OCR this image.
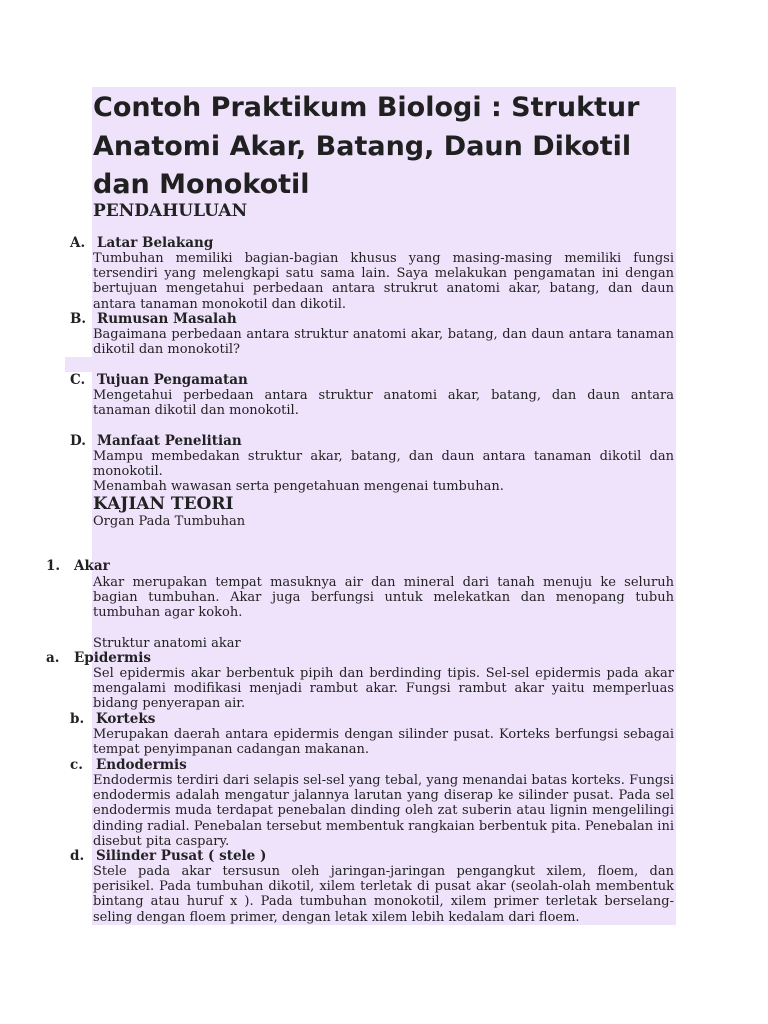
Contoh Praktikum Biologi : Struktur Anatomi Akar, Batang, Daun Dikotil dan Monokotil
PENDAHULUAN
A. Latar Belakang

Tumbuhan memiliki bagian-bagian khusus yang masing-masing memiliki fungsi tersendiri yang melengkapi satu sama lain. Saya melakukan pengamatan ini dengan bertujuan mengetahui perbedaan antara strukrut anatomi akar, batang, dan daun antara tanaman monokotil dan dikotil.

B. Rumusan Masalah

Bagaimana perbedaan antara struktur anatomi akar, batang, dan daun antara tanaman dikotil dan monokotil?

C. Tujuan Pengamatan

Mengetahui perbedaan antara struktur anatomi akar, batang, dan daun antara tanaman dikotil dan monokotil.

D. Manfaat Penelitian

Mampu membedakan struktur akar, batang, dan daun antara tanaman dikotil dan monokotil.

Menambah wawasan serta pengetahuan mengenai tumbuhan.

KAJIAN TEORI

Organ Pada Tumbuhan

1. Akar

Akar merupakan tempat masuknya air dan mineral dari tanah menuju ke seluruh bagian tumbuhan. Akar juga berfungsi untuk melekatkan dan menopang tubuh tumbuhan agar kokoh.

Struktur anatomi akar

a. Epidermis

Sel epidermis akar berbentuk pipih dan berdinding tipis. Sel-sel epidermis pada akar mengalami modifikasi menjadi rambut akar. Fungsi rambut akar yaitu memperluas bidang penyerapan air.

b. Korteks

Merupakan daerah antara epidermis dengan silinder pusat. Korteks berfungsi sebagai tempat penyimpanan cadangan makanan.

c. Endodermis

Endodermis terdiri dari selapis sel-sel yang tebal, yang menandai batas korteks. Fungsi endodermis adalah mengatur jalannya larutan yang diserap ke silinder pusat. Pada sel endodermis muda terdapat penebalan dinding oleh zat suberin atau lignin mengelilingi dinding radial. Penebalan tersebut membentuk rangkaian berbentuk pita. Penebalan ini disebut pita caspary.

d. Silinder Pusat ( stele )

Stele pada akar tersusun oleh jaringan-jaringan pengangkut xilem, floem, dan perisikel. Pada tumbuhan dikotil, xilem terletak di pusat akar (seolah-olah membentuk bintang atau huruf x ). Pada tumbuhan monokotil, xilem primer terletak berselang-seling dengan floem primer, dengan letak xilem lebih kedalam dari floem.
